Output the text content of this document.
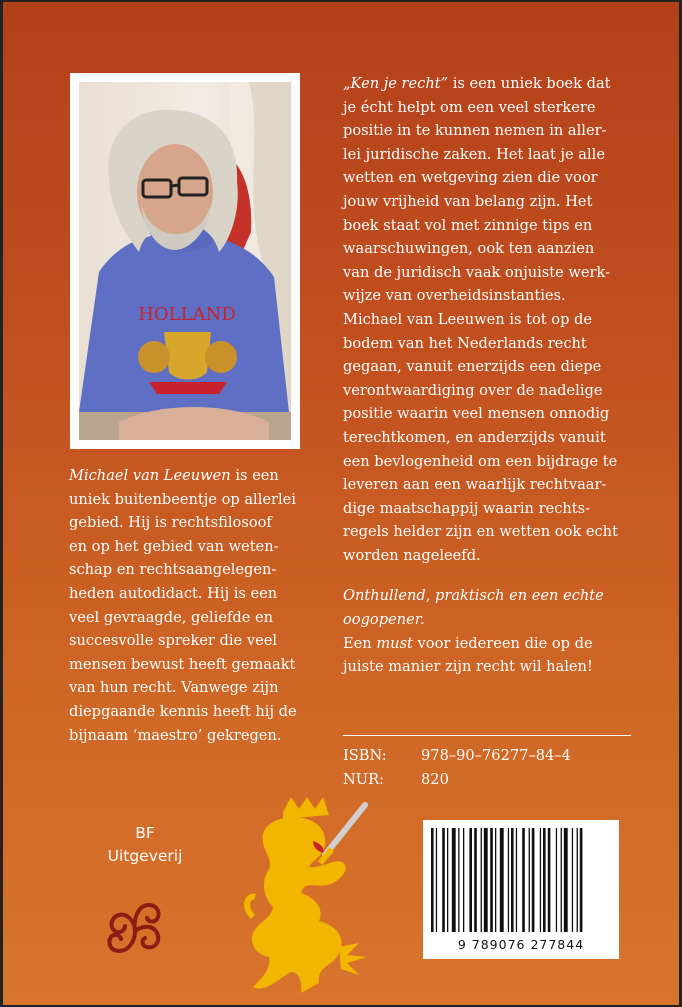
HOLLAND

Michael van Leeuwen is een

uniek buitenbeentje op allerlei

gebied. Hij is rechtsfilosoof

en op het gebied van weten-

schap en rechtsaangelegen-

heden autodidact. Hij is een

veel gevraagde, geliefde en

succesvolle spreker die veel

mensen bewust heeft gemaakt

van hun recht. Vanwege zijn

diepgaande kennis heeft hij de

bijnaam ‘maestro’ gekregen.

„Ken je recht” is een uniek boek dat

je écht helpt om een veel sterkere

positie in te kunnen nemen in aller-

lei juridische zaken. Het laat je alle

wetten en wetgeving zien die voor

jouw vrijheid van belang zijn. Het

boek staat vol met zinnige tips en

waarschuwingen, ook ten aanzien

van de juridisch vaak onjuiste werk-

wijze van overheidsinstanties.

Michael van Leeuwen is tot op de

bodem van het Nederlands recht

gegaan, vanuit enerzijds een diepe

verontwaardiging over de nadelige

positie waarin veel mensen onnodig

terechtkomen, en anderzijds vanuit

een bevlogenheid om een bijdrage te

leveren aan een waarlijk rechtvaar-

dige maatschappij waarin rechts-

regels helder zijn en wetten ook echt

worden nageleefd.

Onthullend, praktisch en een echte

oogopener.

Een must voor iedereen die op de

juiste manier zijn recht wil halen!

ISBN: 978–90–76277–84–4
NUR:	820
BF
Uitgeverij
9 789076 277844
